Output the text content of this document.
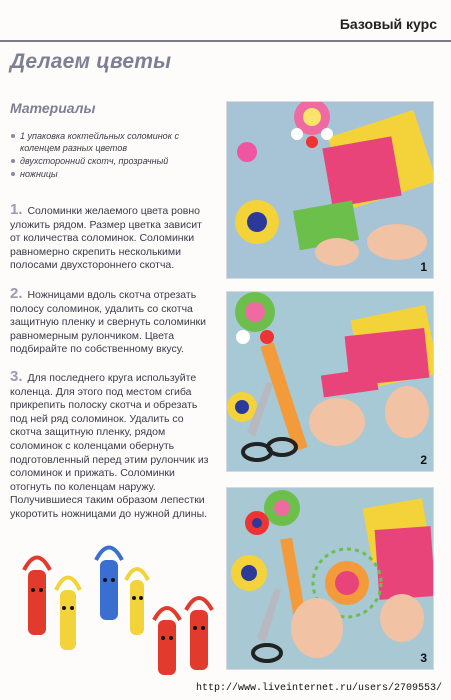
Базовый курс
Делаем цветы
Материалы
1 упаковка коктейльных соломинок с коленцем разных цветов
двухсторонний скотч, прозрачный
ножницы
1. Соломинки желаемого цвета ровно уложить рядом. Размер цветка зависит от количества соломинок. Соломинки равномерно скрепить несколькими полосами двухстороннего скотча.
2. Ножницами вдоль скотча отрезать полосу соломинок, удалить со скотча защитную пленку и свернуть соломинки равномерным рулончиком. Цвета подбирайте по собственному вкусу.
3. Для последнего круга используйте коленца. Для этого под местом сгиба прикрепить полоску скотча и обрезать под ней ряд соломинок. Удалить со скотча защитную пленку, рядом соломинок с коленцами обернуть подготовленный перед этим рулончик из соломинок и прижать. Соломинки отогнуть по коленцам наружу. Получившиеся таким образом лепестки укоротить ножницами до нужной длины.
1
2
3
http://www.liveinternet.ru/users/2709553/
